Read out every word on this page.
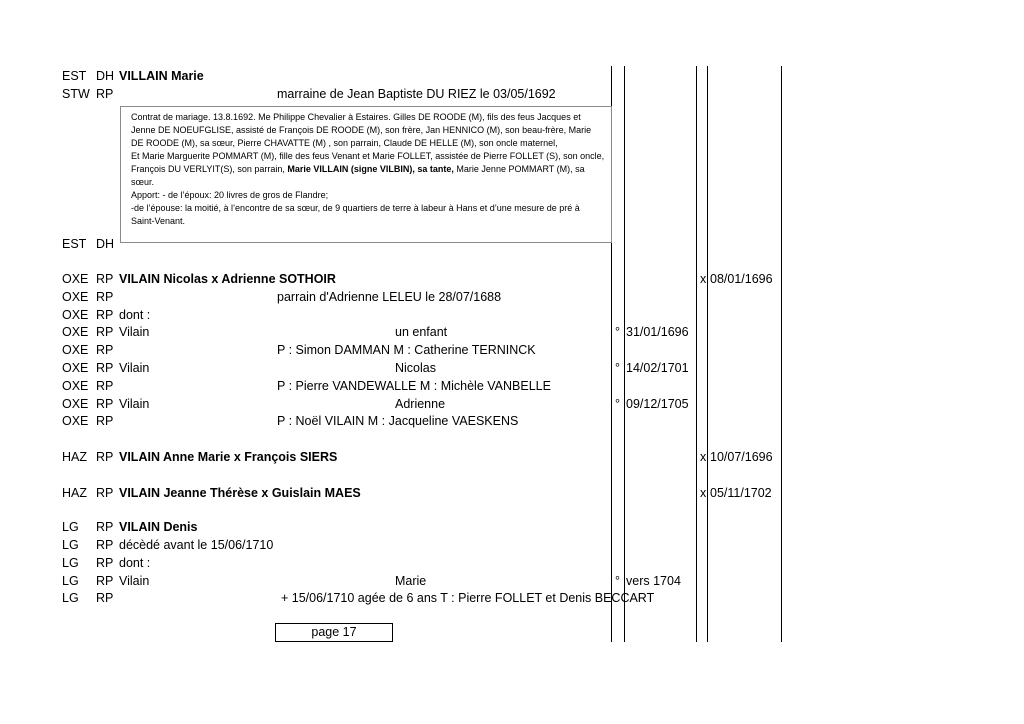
EST DH VILLAIN Marie
STW RP	marraine de Jean Baptiste DU RIEZ le 03/05/1692
EST DH
OXE RP VILAIN Nicolas x Adrienne SOTHOIR	x 08/01/1696
OXE RP	parrain d'Adrienne LELEU le 28/07/1688
OXE RP dont :
OXE RP Vilain	un enfant	° 31/01/1696
OXE RP	P : Simon DAMMAN M : Catherine TERNINCK
OXE RP Vilain	Nicolas	° 14/02/1701
OXE RP	P : Pierre VANDEWALLE M : Michèle VANBELLE
OXE RP Vilain	Adrienne	° 09/12/1705
OXE RP	P : Noël VILAIN M : Jacqueline VAESKENS
HAZ RP VILAIN Anne Marie x François SIERS	x 10/07/1696
HAZ RP VILAIN Jeanne Thérèse x Guislain MAES	x 05/11/1702
LG RP VILAIN Denis
LG RP décèdé avant le 15/06/1710
LG RP dont :
LG RP Vilain	Marie	° vers 1704
LG RP	+ 15/06/1710 agée de 6 ans T : Pierre FOLLET et Denis BECCART

Contrat de mariage. 13.8.1692. Me Philippe Chevalier à Estaires. Gilles DE ROODE (M), fils des feus Jacques et Jenne DE NOEUFGLISE, assisté de François DE ROODE (M), son frère, Jan HENNICO (M), son beau-frère, Marie DE ROODE (M), sa sœur, Pierre CHAVATTE (M) , son parrain, Claude DE HELLE (M), son oncle maternel,

Et Marie Marguerite POMMART (M), fille des feus Venant et Marie FOLLET, assistée de Pierre FOLLET (S), son oncle, François DU VERLYIT(S), son parrain, Marie VILLAIN (signe VILBIN), sa tante, Marie Jenne POMMART (M), sa sœur.

Apport: - de l’époux: 20 livres de gros de Flandre;

-de l’épouse: la moitié, à l’encontre de sa sœur, de 9 quartiers de terre à labeur à Hans et d’une mesure de pré à Saint-Venant.

page 17
